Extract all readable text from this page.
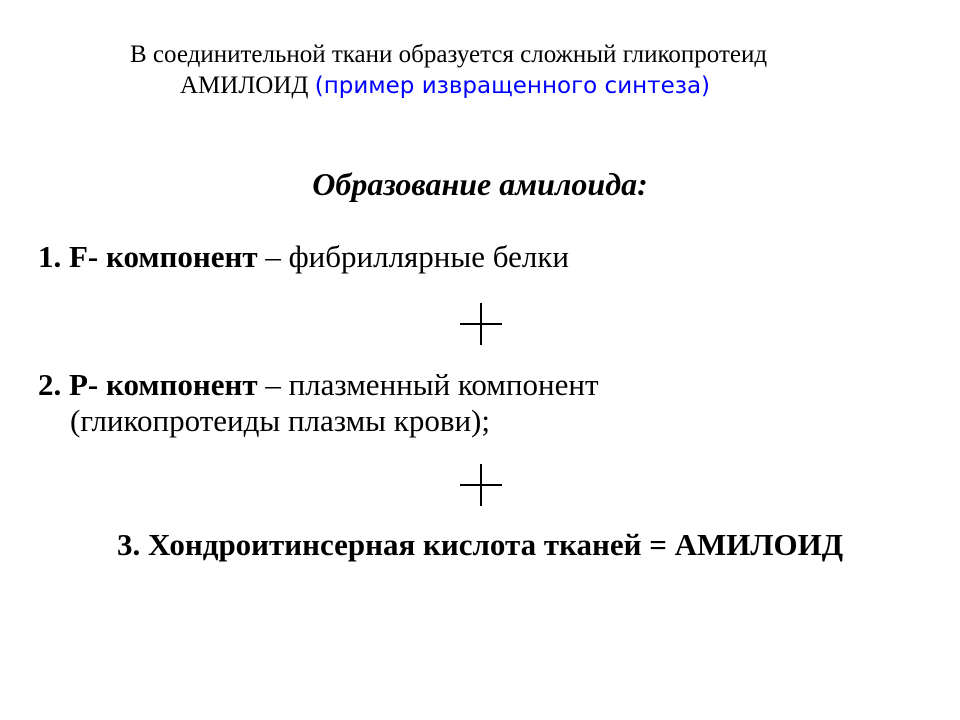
В соединительной ткани образуется сложный гликопротеид
АМИЛОИД (пример извращенного синтеза)
Образование амилоида:
1. F- компонент – фибриллярные белки
2. P- компонент – плазменный компонент
(гликопротеиды плазмы крови);
3. Хондроитинсерная кислота тканей = АМИЛОИД
